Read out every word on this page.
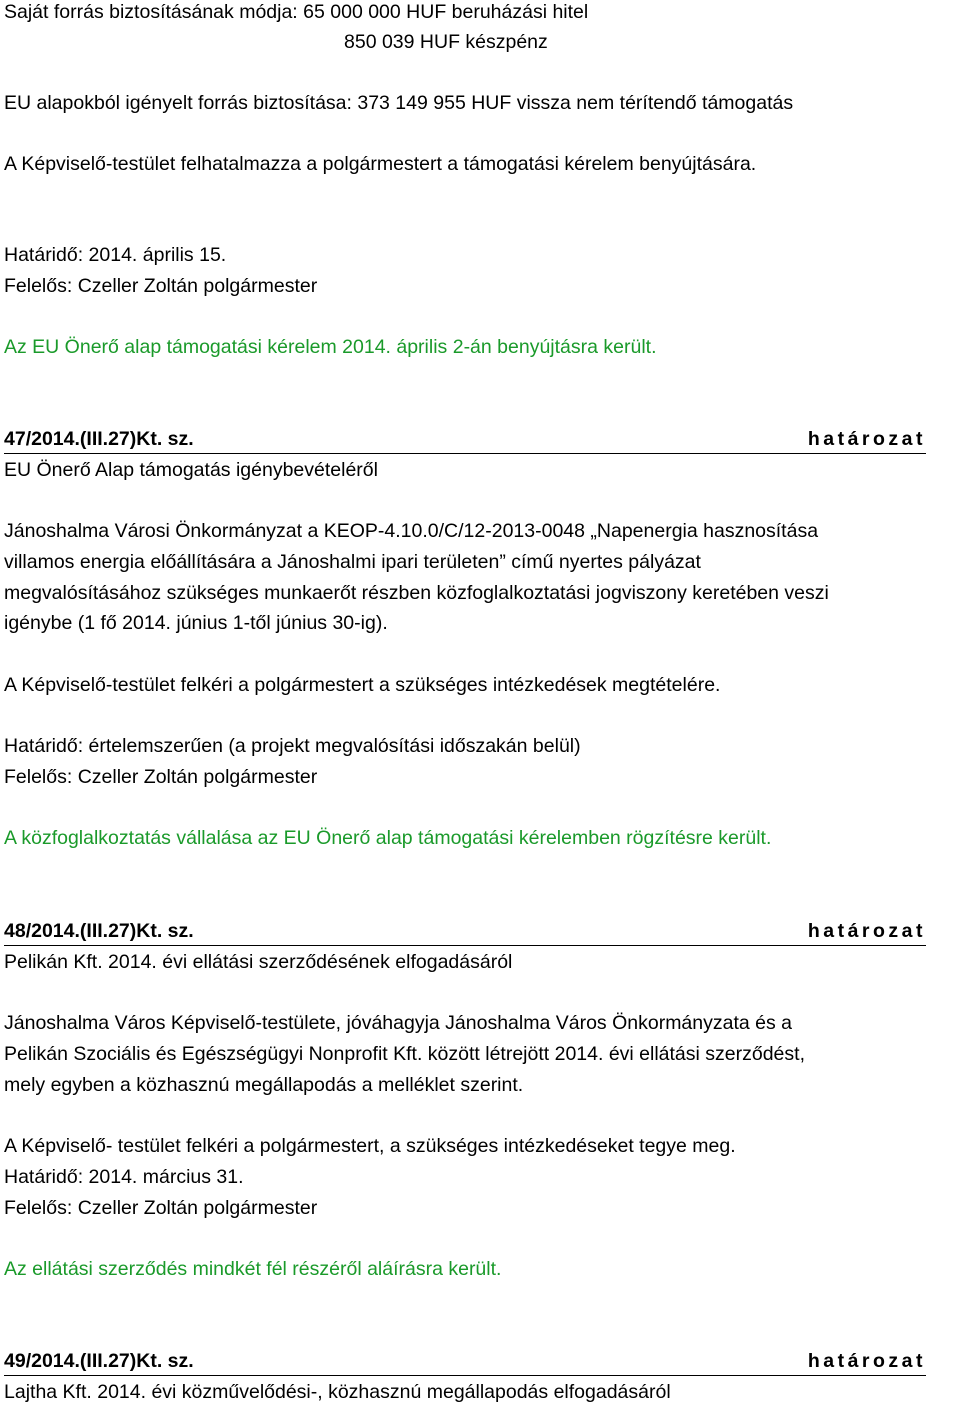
Saját forrás biztosításának módja: 65 000 000 HUF beruházási hitel
850 039 HUF készpénz
EU alapokból igényelt forrás biztosítása: 373 149 955 HUF vissza nem térítendő támogatás
A Képviselő-testület felhatalmazza a polgármestert a támogatási kérelem benyújtására.
Határidő: 2014. április 15.
Felelős: Czeller Zoltán polgármester
Az EU Önerő alap támogatási kérelem 2014. április 2-án benyújtásra került.
47/2014.(III.27)Kt. sz.	határozat
EU Önerő Alap támogatás igénybevételéről
Jánoshalma Városi Önkormányzat a KEOP-4.10.0/C/12-2013-0048 „Napenergia hasznosítása
villamos energia előállítására a Jánoshalmi ipari területen” című nyertes pályázat
megvalósításához szükséges munkaerőt részben közfoglalkoztatási jogviszony keretében veszi
igénybe (1 fő 2014. június 1-től június 30-ig).
A Képviselő-testület felkéri a polgármestert a szükséges intézkedések megtételére.
Határidő: értelemszerűen (a projekt megvalósítási időszakán belül)
Felelős: Czeller Zoltán polgármester
A közfoglalkoztatás vállalása az EU Önerő alap támogatási kérelemben rögzítésre került.
48/2014.(III.27)Kt. sz.	határozat
Pelikán Kft. 2014. évi ellátási szerződésének elfogadásáról
Jánoshalma Város Képviselő-testülete, jóváhagyja Jánoshalma Város Önkormányzata és a
Pelikán Szociális és Egészségügyi Nonprofit Kft. között létrejött 2014. évi ellátási szerződést,
mely egyben a közhasznú megállapodás a melléklet szerint.
A Képviselő- testület felkéri a polgármestert, a szükséges intézkedéseket tegye meg.
Határidő: 2014. március 31.
Felelős: Czeller Zoltán polgármester
Az ellátási szerződés mindkét fél részéről aláírásra került.
49/2014.(III.27)Kt. sz.	határozat
Lajtha Kft. 2014. évi közművelődési-, közhasznú megállapodás elfogadásáról
